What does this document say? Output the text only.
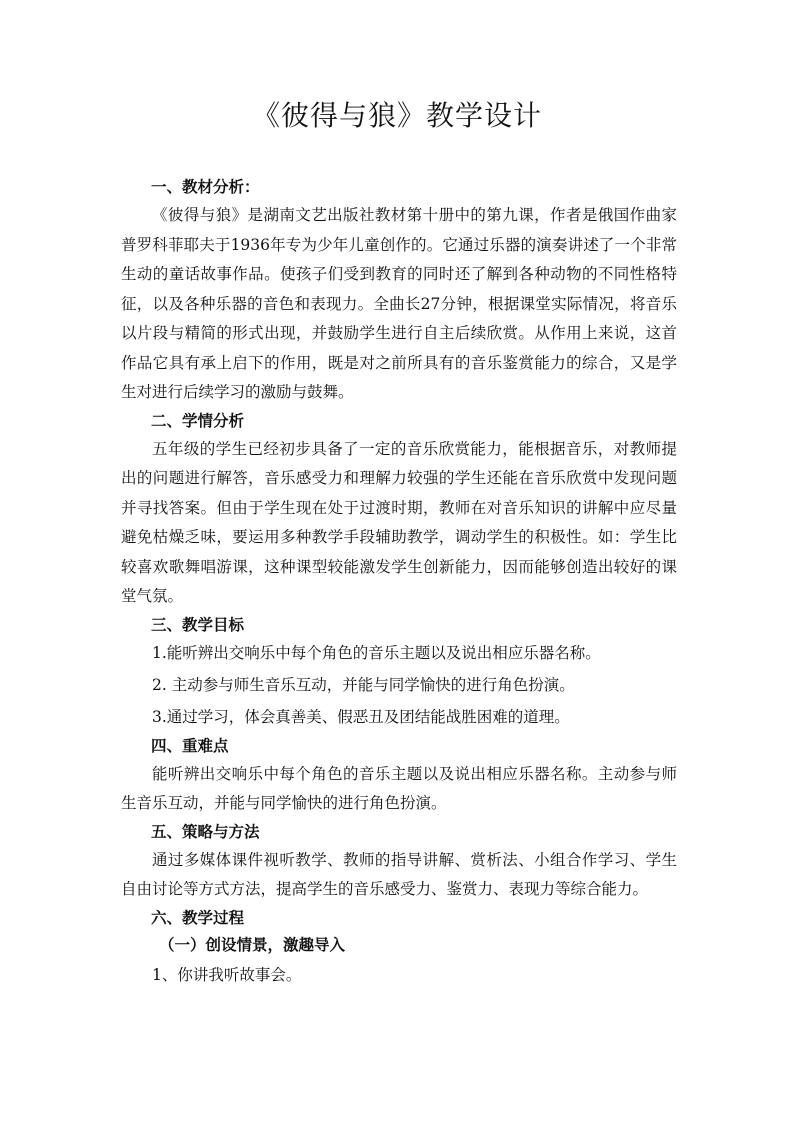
《彼得与狼》教学设计

一、教材分析：

《彼得与狼》是湖南文艺出版社教材第十册中的第九课，作者是俄国作曲家普罗科菲耶夫于1936年专为少年儿童创作的。它通过乐器的演奏讲述了一个非常生动的童话故事作品。使孩子们受到教育的同时还了解到各种动物的不同性格特征，以及各种乐器的音色和表现力。全曲长27分钟，根据课堂实际情况，将音乐以片段与精简的形式出现，并鼓励学生进行自主后续欣赏。从作用上来说，这首作品它具有承上启下的作用，既是对之前所具有的音乐鉴赏能力的综合，又是学生对进行后续学习的激励与鼓舞。

二、学情分析

五年级的学生已经初步具备了一定的音乐欣赏能力，能根据音乐，对教师提出的问题进行解答，音乐感受力和理解力较强的学生还能在音乐欣赏中发现问题并寻找答案。但由于学生现在处于过渡时期，教师在对音乐知识的讲解中应尽量避免枯燥乏味，要运用多种教学手段辅助教学，调动学生的积极性。如：学生比较喜欢歌舞唱游课，这种课型较能激发学生创新能力，因而能够创造出较好的课堂气氛。

三、教学目标

1.能听辨出交响乐中每个角色的音乐主题以及说出相应乐器名称。

2. 主动参与师生音乐互动，并能与同学愉快的进行角色扮演。

3.通过学习，体会真善美、假恶丑及团结能战胜困难的道理。

四、重难点

能听辨出交响乐中每个角色的音乐主题以及说出相应乐器名称。主动参与师生音乐互动，并能与同学愉快的进行角色扮演。

五、策略与方法

通过多媒体课件视听教学、教师的指导讲解、赏析法、小组合作学习、学生自由讨论等方式方法，提高学生的音乐感受力、鉴赏力、表现力等综合能力。

六、教学过程

（一）创设情景，激趣导入

1、你讲我听故事会。
